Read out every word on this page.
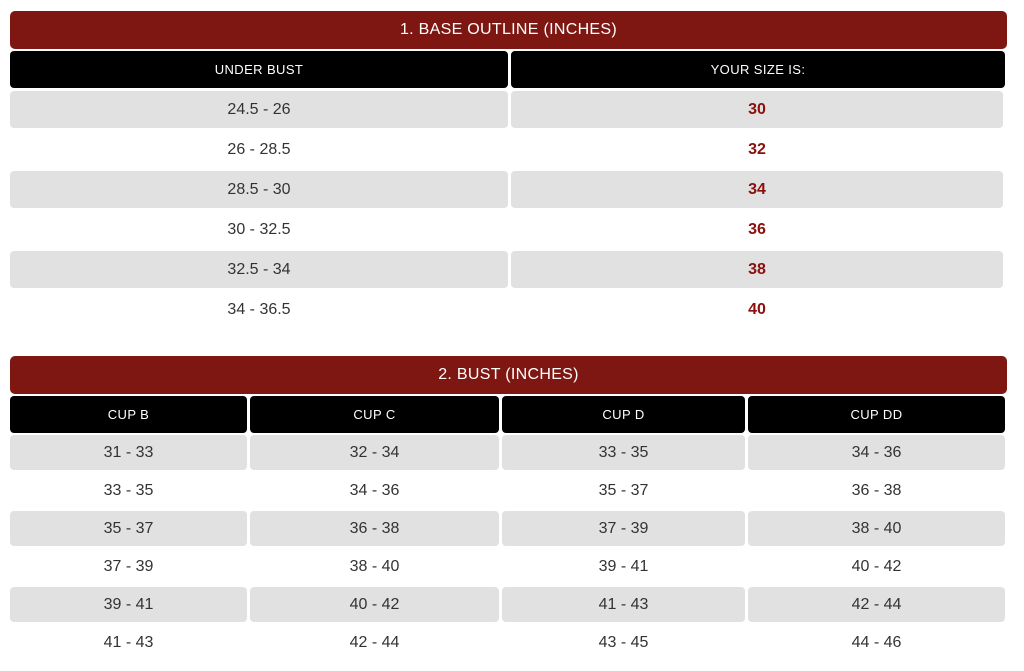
1. BASE OUTLINE (INCHES)
UNDER BUST	YOUR SIZE IS:
24.5 - 26	30
26 - 28.5	32
28.5 - 30	34
30 - 32.5	36
32.5 - 34	38
34 - 36.5	40
2. BUST (INCHES)
CUP B	CUP C	CUP D	CUP DD
31 - 33	32 - 34	33 - 35	34 - 36
33 - 35	34 - 36	35 - 37	36 - 38
35 - 37	36 - 38	37 - 39	38 - 40
37 - 39	38 - 40	39 - 41	40 - 42
39 - 41	40 - 42	41 - 43	42 - 44
41 - 43	42 - 44	43 - 45	44 - 46
